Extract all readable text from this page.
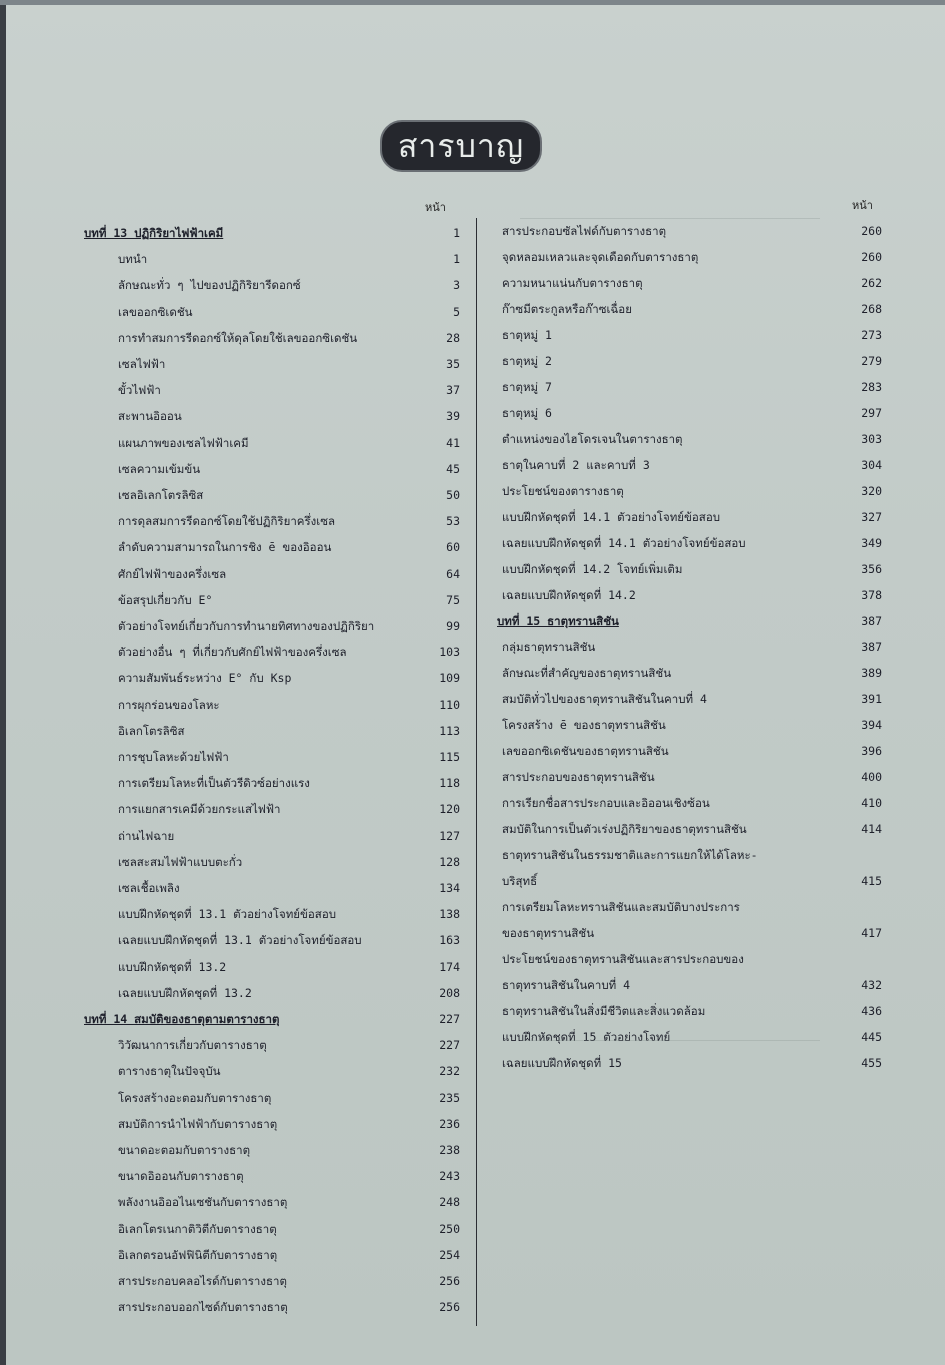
สารบาญ
หน้า	หน้า
บทที่ 13 ปฏิกิริยาไฟฟ้าเคมี	1
บทนำ	1
ลักษณะทั่ว ๆ ไปของปฏิกิริยารีดอกซ์	3
เลขออกซิเดชัน	5
การทำสมการรีดอกซ์ให้ดุลโดยใช้เลขออกซิเดชัน	28
เซลไฟฟ้า	35
ขั้วไฟฟ้า	37
สะพานอิออน	39
แผนภาพของเซลไฟฟ้าเคมี	41
เซลความเข้มข้น	45
เซลอิเลกโตรลิซิส	50
การดุลสมการรีดอกซ์โดยใช้ปฏิกิริยาครึ่งเซล	53
ลำดับความสามารถในการชิง ē ของอิออน	60
ศักย์ไฟฟ้าของครึ่งเซล	64
ข้อสรุปเกี่ยวกับ E°	75
ตัวอย่างโจทย์เกี่ยวกับการทำนายทิศทางของปฏิกิริยา	99
ตัวอย่างอื่น ๆ ที่เกี่ยวกับศักย์ไฟฟ้าของครึ่งเซล	103
ความสัมพันธ์ระหว่าง E° กับ Ksp	109
การผุกร่อนของโลหะ	110
อิเลกโตรลิซิส	113
การชุบโลหะด้วยไฟฟ้า	115
การเตรียมโลหะที่เป็นตัวรีดิวซ์อย่างแรง	118
การแยกสารเคมีด้วยกระแสไฟฟ้า	120
ถ่านไฟฉาย	127
เซลสะสมไฟฟ้าแบบตะกั่ว	128
เซลเชื้อเพลิง	134
แบบฝึกหัดชุดที่ 13.1 ตัวอย่างโจทย์ข้อสอบ	138
เฉลยแบบฝึกหัดชุดที่ 13.1 ตัวอย่างโจทย์ข้อสอบ	163
แบบฝึกหัดชุดที่ 13.2	174
เฉลยแบบฝึกหัดชุดที่ 13.2	208
บทที่ 14 สมบัติของธาตุตามตารางธาตุ	227
วิวัฒนาการเกี่ยวกับตารางธาตุ	227
ตารางธาตุในปัจจุบัน	232
โครงสร้างอะตอมกับตารางธาตุ	235
สมบัติการนำไฟฟ้ากับตารางธาตุ	236
ขนาดอะตอมกับตารางธาตุ	238
ขนาดอิออนกับตารางธาตุ	243
พลังงานอิออไนเซชันกับตารางธาตุ	248
อิเลกโตรเนกาติวิตีกับตารางธาตุ	250
อิเลกตรอนอัฟฟินิตีกับตารางธาตุ	254
สารประกอบคลอไรด์กับตารางธาตุ	256
สารประกอบออกไซด์กับตารางธาตุ	256
สารประกอบซัลไฟด์กับตารางธาตุ	260
จุดหลอมเหลวและจุดเดือดกับตารางธาตุ	260
ความหนาแน่นกับตารางธาตุ	262
ก๊าซมีตระกูลหรือก๊าซเฉื่อย	268
ธาตุหมู่ 1	273
ธาตุหมู่ 2	279
ธาตุหมู่ 7	283
ธาตุหมู่ 6	297
ตำแหน่งของไฮโดรเจนในตารางธาตุ	303
ธาตุในคาบที่ 2 และคาบที่ 3	304
ประโยชน์ของตารางธาตุ	320
แบบฝึกหัดชุดที่ 14.1 ตัวอย่างโจทย์ข้อสอบ	327
เฉลยแบบฝึกหัดชุดที่ 14.1 ตัวอย่างโจทย์ข้อสอบ	349
แบบฝึกหัดชุดที่ 14.2 โจทย์เพิ่มเติม	356
เฉลยแบบฝึกหัดชุดที่ 14.2	378
บทที่ 15 ธาตุทรานสิชัน	387
กลุ่มธาตุทรานสิชัน	387
ลักษณะที่สำคัญของธาตุทรานสิชัน	389
สมบัติทั่วไปของธาตุทรานสิชันในคาบที่ 4	391
โครงสร้าง ē ของธาตุทรานสิชัน	394
เลขออกซิเดชันของธาตุทรานสิชัน	396
สารประกอบของธาตุทรานสิชัน	400
การเรียกชื่อสารประกอบและอิออนเชิงซ้อน	410
สมบัติในการเป็นตัวเร่งปฏิกิริยาของธาตุทรานสิชัน	414
ธาตุทรานสิชันในธรรมชาติและการแยกให้ได้โลหะ-
บริสุทธิ์	415
การเตรียมโลหะทรานสิชันและสมบัติบางประการ
ของธาตุทรานสิชัน	417
ประโยชน์ของธาตุทรานสิชันและสารประกอบของ
ธาตุทรานสิชันในคาบที่ 4	432
ธาตุทรานสิชันในสิ่งมีชีวิตและสิ่งแวดล้อม	436
แบบฝึกหัดชุดที่ 15 ตัวอย่างโจทย์	445
เฉลยแบบฝึกหัดชุดที่ 15	455
